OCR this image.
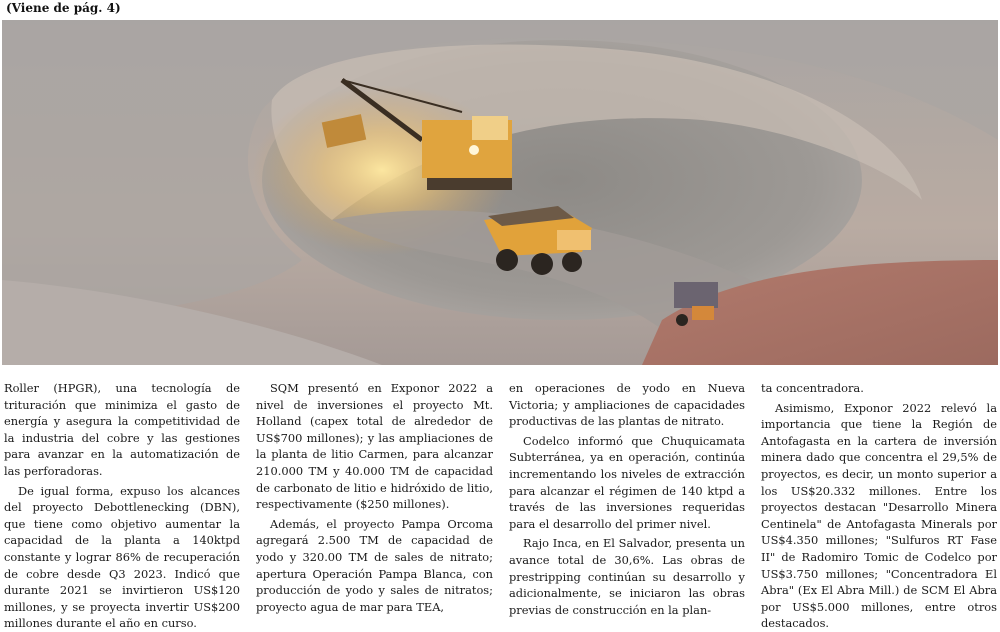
(Viene de pág. 4)

Roller (HPGR), una tecnología de trituración que minimiza el gasto de energía y asegura la competitividad de la industria del cobre y las gestiones para avanzar en la automatización de las perforadoras.

De igual forma, expuso los alcances del proyecto Debottlenecking (DBN), que tiene como objetivo aumentar la capacidad de la planta a 140ktpd constante y lograr 86% de recuperación de cobre desde Q3 2023. Indicó que durante 2021 se invirtieron US$120 millones, y se proyecta invertir US$200 millones durante el año en curso.

SQM presentó en Exponor 2022 a nivel de inversiones el proyecto Mt. Holland (capex total de alrededor de US$700 millones); y las ampliaciones de la planta de litio Carmen, para alcanzar 210.000 TM y 40.000 TM de capacidad de carbonato de litio e hidróxido de litio, respectivamente ($250 millones).

Además, el proyecto Pampa Orcoma agregará 2.500 TM de capacidad de yodo y 320.00 TM de sales de nitrato; apertura Operación Pampa Blanca, con producción de yodo y sales de nitratos; proyecto agua de mar para TEA,

en operaciones de yodo en Nueva Victoria; y ampliaciones de capacidades productivas de las plantas de nitrato.

Codelco informó que Chuquicamata Subterránea, ya en operación, continúa incrementando los niveles de extracción para alcanzar el régimen de 140 ktpd a través de las inversiones requeridas para el desarrollo del primer nivel.

Rajo Inca, en El Salvador, presenta un avance total de 30,6%. Las obras de prestripping continúan su desarrollo y adicionalmente, se iniciaron las obras previas de construcción en la plan-

ta concentradora.

Asimismo, Exponor 2022 relevó la importancia que tiene la Región de Antofagasta en la cartera de inversión minera dado que concentra el 29,5% de proyectos, es decir, un monto superior a los US$20.332 millones. Entre los proyectos destacan "Desarrollo Minera Centinela" de Antofagasta Minerals por US$4.350 millones; "Sulfuros RT Fase II" de Radomiro Tomic de Codelco por US$3.750 millones; "Concentradora El Abra" (Ex El Abra Mill.) de SCM El Abra por US$5.000 millones, entre otros destacados.
